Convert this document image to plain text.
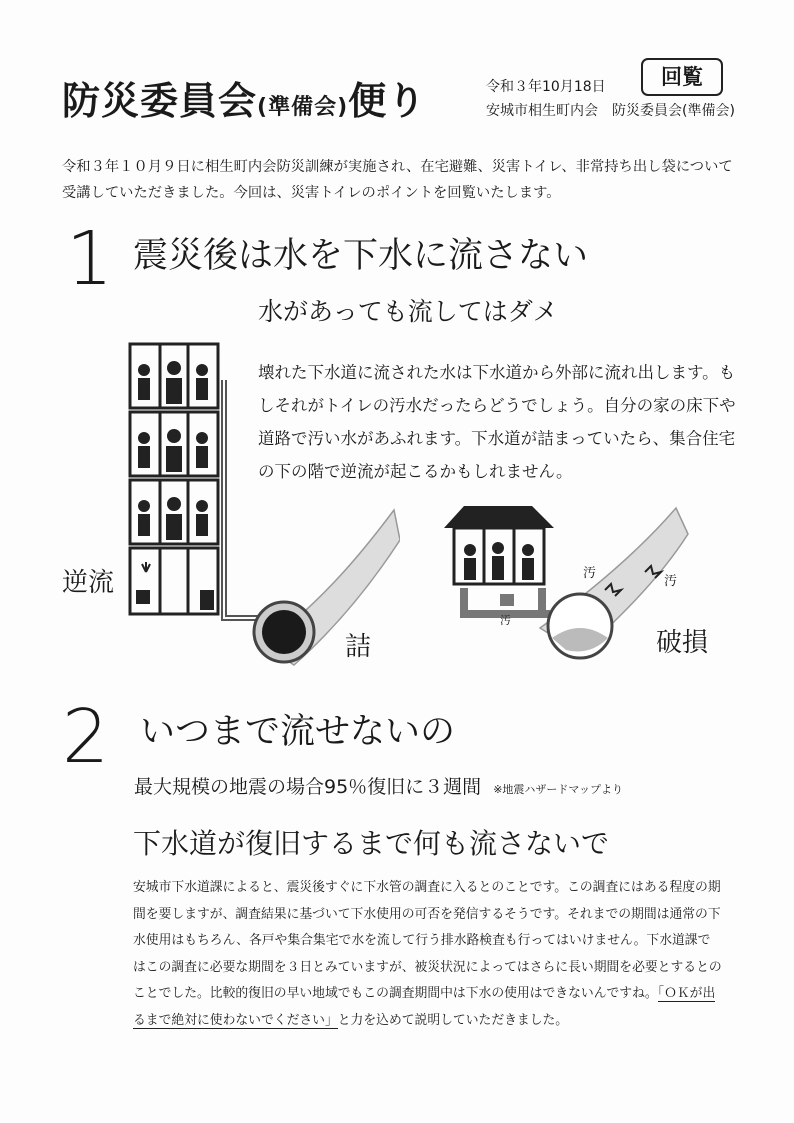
防災委員会(準備会)便り	令和３年10月18日
安城市相生町内会　防災委員会(準備会)
回覧
令和３年１０月９日に相生町内会防災訓練が実施され、在宅避難、災害トイレ、非常持ち出し袋について受講していただきました。今回は、災害トイレのポイントを回覧いたします。
1 震災後は水を下水に流さない
水があっても流してはダメ
壊れた下水道に流された水は下水道から外部に流れ出します。もしそれがトイレの汚水だったらどうでしょう。自分の家の床下や道路で汚い水があふれます。下水道が詰まっていたら、集合住宅の下の階で逆流が起こるかもしれません。
逆流
詰
汚
汚
汚
破損
2 いつまで流せないの
最大規模の地震の場合95％復旧に３週間 ※地震ハザードマップより
下水道が復旧するまで何も流さないで
安城市下水道課によると、震災後すぐに下水管の調査に入るとのことです。この調査にはある程度の期間を要しますが、調査結果に基づいて下水使用の可否を発信するそうです。それまでの期間は通常の下水使用はもちろん、各戸や集合集宅で水を流して行う排水路検査も行ってはいけません。下水道課ではこの調査に必要な期間を３日とみていますが、被災状況によってはさらに長い期間を必要とするとのことでした。比較的復旧の早い地域でもこの調査期間中は下水の使用はできないんですね。「ＯＫが出るまで絶対に使わないでください」と力を込めて説明していただきました。
